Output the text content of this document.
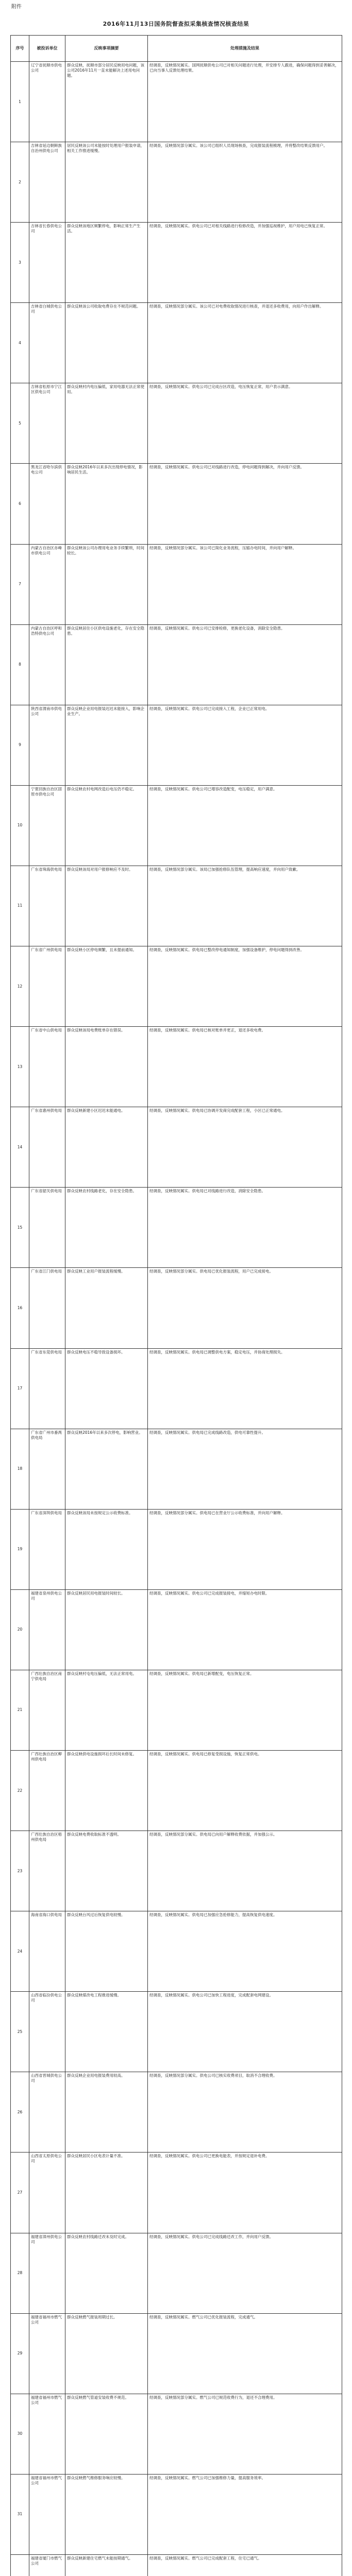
附件
2016年11月13日国务院督查拟采集核查情况核查结果
序号	被投诉单位	反映事项摘要	处理措施及结果
1	辽宁省抚顺市供电公司	群众反映，抚顺市部分居民反映用电问题，该公司2016年11月一直未能解决上述用电问题。	经调查，反映情况属实。国网抚顺供电公司已对相关问题进行处理，并安排专人跟进，确保问题得到妥善解决，已向当事人反馈处理结果。
2	吉林省延边朝鲜族自治州供电公司	居民反映该公司未能按时处理用户报装申请，相关工作推进缓慢。	经调查，反映情况部分属实。该公司已组织人员现场核查，完成报装流程梳理，并将整改结果反馈用户。
3	吉林省长春供电公司	群众反映该地区频繁停电，影响正常生产生活。	经调查，反映情况属实。供电公司已对相关线路进行检修改造，并加强巡视维护，用户用电已恢复正常。
4	吉林省白城供电公司	群众反映该公司收取电费存在不规范问题。	经调查，反映情况部分属实。该公司已对电费收取情况进行核查，并退还多收费用，向用户作出解释。
5	吉林省松原市宁江区供电公司	群众反映村内电压偏低，家用电器无法正常使用。	经调查，反映情况属实。供电公司已完成台区改造，电压恢复正常，用户表示满意。
6	黑龙江省哈尔滨供电公司	群众反映2016年以来多次出现停电情况，影响居民生活。	经调查，反映情况属实。供电公司已对线路进行改造，停电问题得到解决，并向用户反馈。
7	内蒙古自治区赤峰市供电公司	群众反映该公司办理用电业务手续繁琐，时间较长。	经调查，反映情况部分属实。该公司已简化业务流程，压缩办电时间，并向用户解释。
8	内蒙古自治区呼和浩特供电公司	群众反映居住小区供电设施老化，存在安全隐患。	经调查，反映情况属实。供电公司已安排检修，更换老化设备，消除安全隐患。
9	陕西省渭南市供电公司	群众反映企业用电报装迟迟未能接入，影响企业生产。	经调查，反映情况属实。供电公司已完成接入工程，企业已正常用电。
10	宁夏回族自治区固原市供电公司	群众反映农村电网改造后电压仍不稳定。	经调查，反映情况属实。供电公司已增容改造配变，电压稳定，用户满意。
11	广东省珠海供电局	群众反映该局对用户报修响应不及时。	经调查，反映情况部分属实。该局已加强抢修队伍管理，提高响应速度，并向用户致歉。
12	广东省广州供电局	群众反映小区停电频繁，且未提前通知。	经调查，反映情况属实。供电局已整改停电通知制度，加强设备维护，停电问题得到改善。
13	广东省中山供电局	群众反映该局电费账单存在错误。	经调查，反映情况属实。供电局已核对账单并更正，退还多收电费。
14	广东省惠州供电局	群众反映新建小区迟迟未能通电。	经调查，反映情况属实。供电局已协调开发商完成配套工程，小区已正常通电。
15	广东省韶关供电局	群众反映农村线路老化，存在安全隐患。	经调查，反映情况属实。供电局已对线路进行改造，消除安全隐患。
16	广东省江门供电局	群众反映工业用户报装流程缓慢。	经调查，反映情况部分属实。供电局已优化报装流程，用户已完成接电。
17	广东省东莞供电局	群众反映电压不稳导致设备损坏。	经调查，反映情况属实。供电局已调整供电方案，稳定电压，并协商处理损失。
18	广东省广州市番禺供电局	群众反映2016年以来多次停电，影响营业。	经调查，反映情况属实。供电局已完成线路改造，供电可靠性提升。
19	广东省深圳供电局	群众反映该局未按规定公示收费标准。	经调查，反映情况部分属实。供电局已在营业厅公示收费标准，并向用户解释。
20	福建省泉州供电公司	群众反映居民用电报装时间较长。	经调查，反映情况属实。供电公司已完成报装接电，并缩短办电时限。
21	广西壮族自治区南宁供电局	群众反映村屯电压偏低，无法正常用电。	经调查，反映情况属实。供电局已新增配变，电压恢复正常。
22	广西壮族自治区柳州供电局	群众反映供电设施损坏后长时间未修复。	经调查，反映情况属实。供电局已修复受损设施，恢复正常供电。
23	广西壮族自治区梧州供电局	群众反映电费收取标准不透明。	经调查，反映情况部分属实。供电局已向用户解释收费依据，并加强公示。
24	海南省海口供电局	群众反映台风过后恢复供电较慢。	经调查，反映情况属实。供电局已加强应急抢修能力，提高恢复供电速度。
25	山西省临汾供电公司	群众反映煤改电工程推进缓慢。	经调查，反映情况属实。供电公司已加快工程进度，完成配套电网建设。
26	山西省晋城供电公司	群众反映企业用电报装费用较高。	经调查，反映情况部分属实。供电公司已核实收费项目，取消不合理收费。
27	山西省太原供电公司	群众反映居民小区电表计量不准。	经调查，反映情况属实。供电公司已更换电能表，并按规定退补电费。
28	福建省漳州供电公司	群众反映农村线路迁改未及时完成。	经调查，反映情况属实。供电公司已完成线路迁改工作，并向用户反馈。
29	福建省福州市燃气公司	群众反映燃气报装周期过长。	经调查，反映情况属实。燃气公司已优化报装流程，完成通气。
30	福建省福州市燃气公司	群众反映燃气管道安装收费不规范。	经调查，反映情况部分属实。燃气公司已规范收费行为，退还不合理费用。
31	福建省福州市燃气公司	群众反映燃气维修服务响应较慢。	经调查，反映情况属实。燃气公司已加强维修力量，提高服务效率。
	福建省厦门市燃气公司	群众反映新建住宅燃气未能按期通气。	经调查，反映情况属实。燃气公司已完成配套工程，住宅已通气。
